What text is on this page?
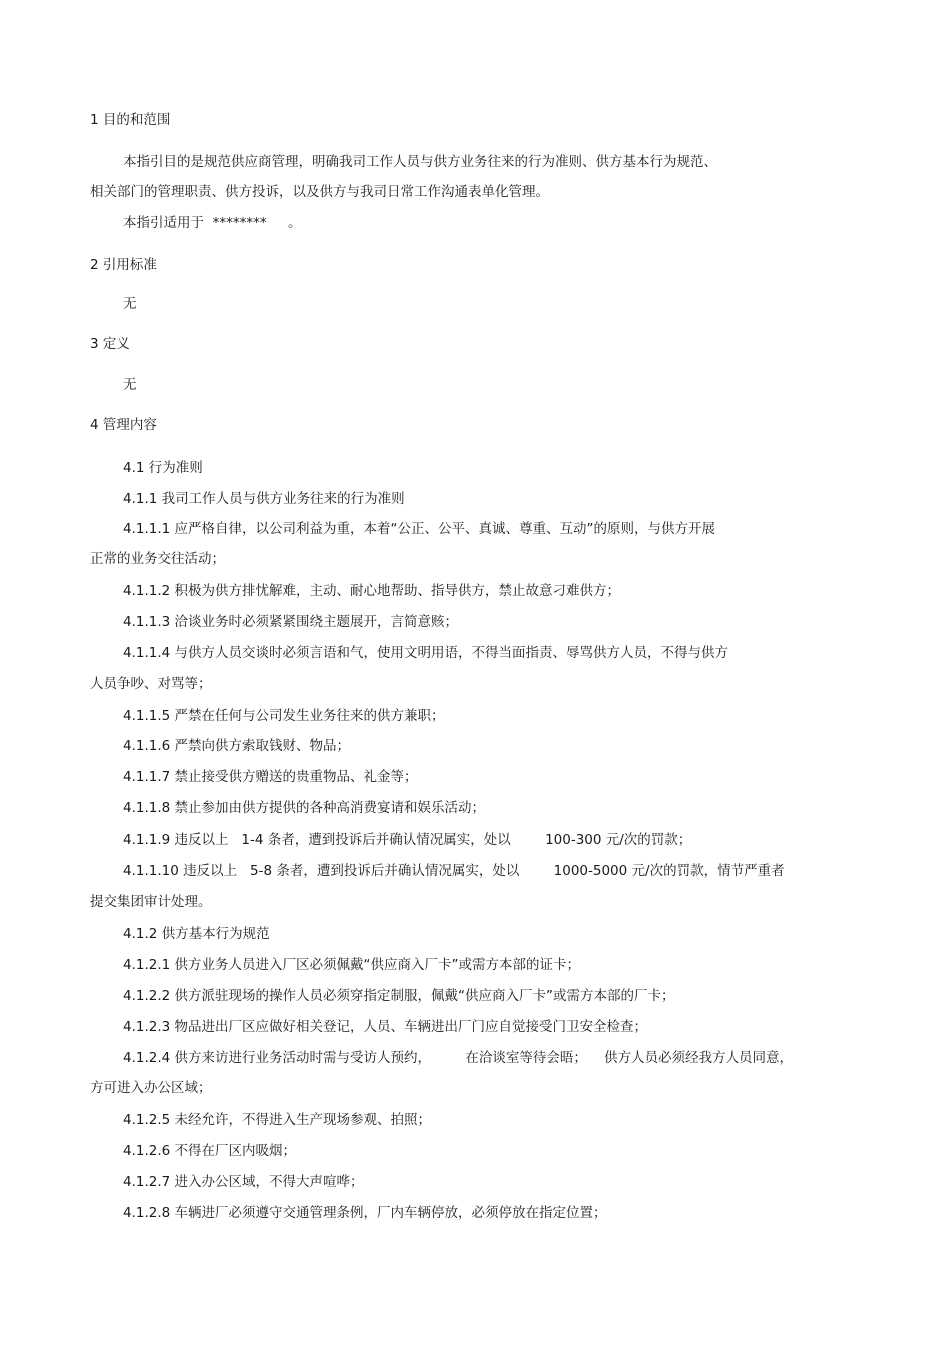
1 目的和范围
本指引目的是规范供应商管理，明确我司工作人员与供方业务往来的行为准则、供方基本行为规范、
相关部门的管理职责、供方投诉，以及供方与我司日常工作沟通表单化管理。
本指引适用于  ********     。
2 引用标准
无
3 定义
无
4 管理内容
4.1 行为准则
4.1.1 我司工作人员与供方业务往来的行为准则
4.1.1.1 应严格自律，以公司利益为重，本着“公正、公平、真诚、尊重、互动”的原则，与供方开展
正常的业务交往活动；
4.1.1.2 积极为供方排忧解难，主动、耐心地帮助、指导供方，禁止故意刁难供方；
4.1.1.3 洽谈业务时必须紧紧围绕主题展开，言简意赅；
4.1.1.4 与供方人员交谈时必须言语和气，使用文明用语，不得当面指责、辱骂供方人员，不得与供方
人员争吵、对骂等；
4.1.1.5 严禁在任何与公司发生业务往来的供方兼职；
4.1.1.6 严禁向供方索取钱财、物品；
4.1.1.7 禁止接受供方赠送的贵重物品、礼金等；
4.1.1.8 禁止参加由供方提供的各种高消费宴请和娱乐活动；
4.1.1.9 违反以上   1-4 条者，遭到投诉后并确认情况属实，处以        100-300 元/次的罚款；
4.1.1.10 违反以上   5-8 条者，遭到投诉后并确认情况属实，处以        1000-5000 元/次的罚款，情节严重者
提交集团审计处理。
4.1.2 供方基本行为规范
4.1.2.1 供方业务人员进入厂区必须佩戴“供应商入厂卡”或需方本部的证卡；
4.1.2.2 供方派驻现场的操作人员必须穿指定制服，佩戴“供应商入厂卡”或需方本部的厂卡；
4.1.2.3 物品进出厂区应做好相关登记，人员、车辆进出厂门应自觉接受门卫安全检查；
4.1.2.4 供方来访进行业务活动时需与受访人预约，        在洽谈室等待会晤；    供方人员必须经我方人员同意，
方可进入办公区域；
4.1.2.5 未经允许，不得进入生产现场参观、拍照；
4.1.2.6 不得在厂区内吸烟；
4.1.2.7 进入办公区域，不得大声喧哗；
4.1.2.8 车辆进厂必须遵守交通管理条例，厂内车辆停放，必须停放在指定位置；
